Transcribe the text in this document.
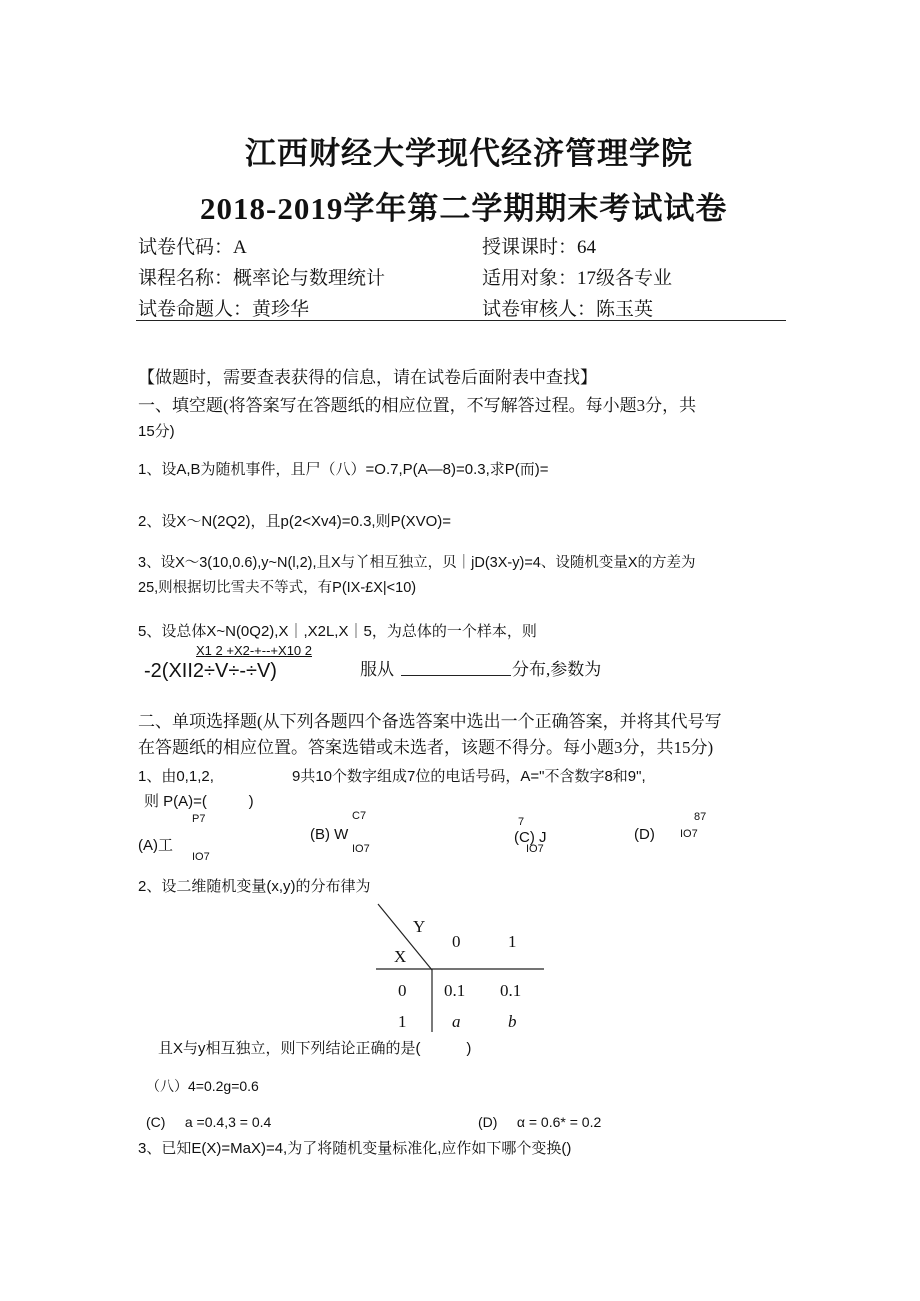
江西财经大学现代经济管理学院
2018-2019学年第二学期期末考试试卷
试卷代码：A	授课课时：64
课程名称：概率论与数理统计	适用对象：17级各专业
试卷命题人：黄珍华	试卷审核人：陈玉英
【做题时，需要查表获得的信息，请在试卷后面附表中查找】
一、填空题(将答案写在答题纸的相应位置，不写解答过程。每小题3分，共
15分)
1、设A,B为随机事件，且尸（八）=O.7,P(A—8)=0.3,求P(而)=
2、设X～N(2Q2)，且p(2<Xv4)=0.3,则P(XVO)=
3、设X～3(10,0.6),y~N(l,2),且X与丫相互独立，贝｜jD(3X-y)=4、设随机变量X的方差为
25,则根据切比雪夫不等式，有P(IX-£X|<10)
5、设总体X~N(0Q2),X｜,X2L,X｜5，为总体的一个样本，则
X1 2 +X2-+--+X10 2
-2(XII2÷V÷-÷V)	服从	分布,参数为
二、单项选择题(从下列各题四个备选答案中选出一个正确答案，并将其代号写
在答题纸的相应位置。答案选错或未选者，该题不得分。每小题3分，共15分)
1、由0,1,2,	9共10个数字组成7位的电话号码，A="不含数字8和9",
则 P(A)=(          )
P7
(A)工
IO7
C7
(B) W
IO7
7
(C) J
IO7
87
(D) IO7
2、设二维随机变量(x,y)的分布律为
Y
X
0	1
0 0.1 0.1
1	a	b
且X与y相互独立，则下列结论正确的是(           )
（八）4=0.2g=0.6
(C)     a =0.4,3 = 0.4	(D)     α = 0.6* = 0.2
3、已知E(X)=MaX)=4,为了将随机变量标准化,应作如下哪个变换()
